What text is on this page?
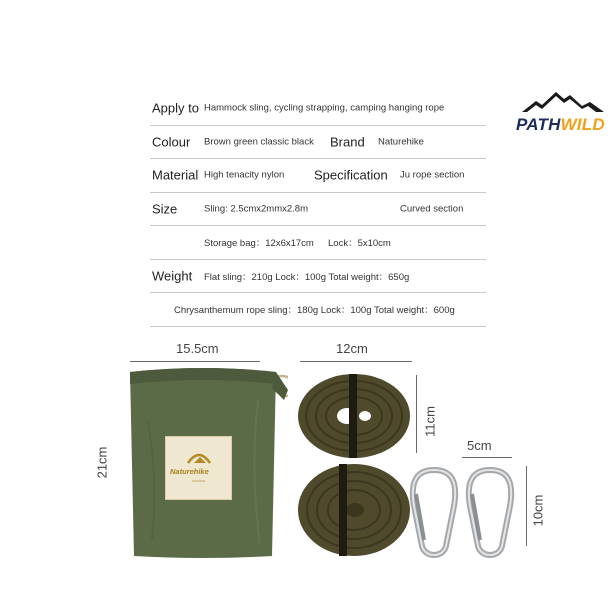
PATHWILD
Apply to Hammock sling, cycling strapping, camping hanging rope
Colour Brown green classic black Brand Naturehike
Material High tenacity nylon Specification Ju rope section
Size	Sling: 2.5cmx2mmx2.8m	Curved section
Storage bag：12x6x17cm Lock：5x10cm
Weight Flat sling：210g Lock：100g Total weight：650g
Chrysanthemum rope sling：180g Lock：100g Total weight：600g
15.5cm	12cm
21cm
11cm
5cm
10cm
Naturehike
outdoor
